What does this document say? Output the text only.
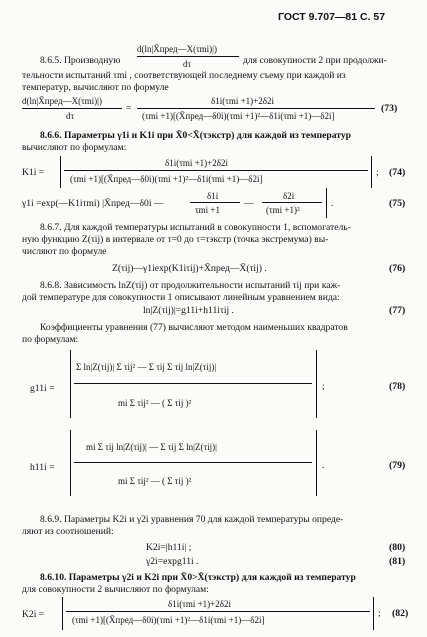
ГОСТ 9.707—81 С. 57
8.6.5. Производную
d(ln|X̄пред—X(τmi)|)
dτ	для совокупности 2 при продолжи-
тельности испытаний τmi , соответствующей последнему съему при каждой из
температур, вычисляют по формуле
d(ln|X̄пред—X(τmi)|)
dτ
=
δ1i(τmi +1)+2δ2i
(τmi +1)[(X̄пред—δ0i)(τmi +1)²—δ1i(τmi +1)—δ2i]
(73)
8.6.6. Параметры γ1i и K1i при X̄0<X̄(τэкстр) для каждой из температур
вычисляют по формулам:
K1i =
δ1i(τmi +1)+2δ2i
(τmi +1)[(X̄пред—δ0i)(τmi +1)²—δ1i(τmi +1)—δ2i]
; (74)
γ1i =exp(—K1iτmi) |X̄пред—δ0i —
δ1i
τmi +1
—
δ2i
(τmi +1)²
.	(75)
8.6.7. Для каждой температуры испытаний в совокупности 1, вспомогатель-
ную функцию Z(τij) в интервале от τ=0 до τ=τэкстр (точка экстремума) вы-
числяют по формуле
Z(τij)—γ1iexp(K1iτij)+X̄пред—X̄(τij) .	(76)
8.6.8. Зависимость lnZ(τij) от продолжительности испытаний τij при каж-
дой температуре для совокупности 1 описывают линейным уравнением вида:
ln|Z(τij)|=g11i+h11iτij .	(77)
Коэффициенты уравнения (77) вычисляют методом наименьших квадратов
по формулам:
g11i =
Σ ln|Z(τij)| Σ τij² — Σ τij Σ τij ln|Z(τij)|
mi Σ τij² — ( Σ τij )²
;	(78)
h11i =
mi Σ τij ln|Z(τij)| — Σ τij Σ ln|Z(τij)|
mi Σ τij² — ( Σ τij )²
.	(79)
8.6.9. Параметры K2i и γ2i уравнения 70 для каждой температуры опреде-
ляют из соотношений:
K2i=|h11i| ;	(80)
γ2i=expg11i .	(81)
8.6.10. Параметры γ2i и K2i при X̄0>X̄(τэкстр) для каждой из температур
для совокупности 2 вычисляют по формулам:
K2i =
δ1i(τmi +1)+2δ2i
(τmi +1)[(X̄пред—δ0i)(τmi +1)²—δ1i(τmi +1)—δ2i]
; (82)
